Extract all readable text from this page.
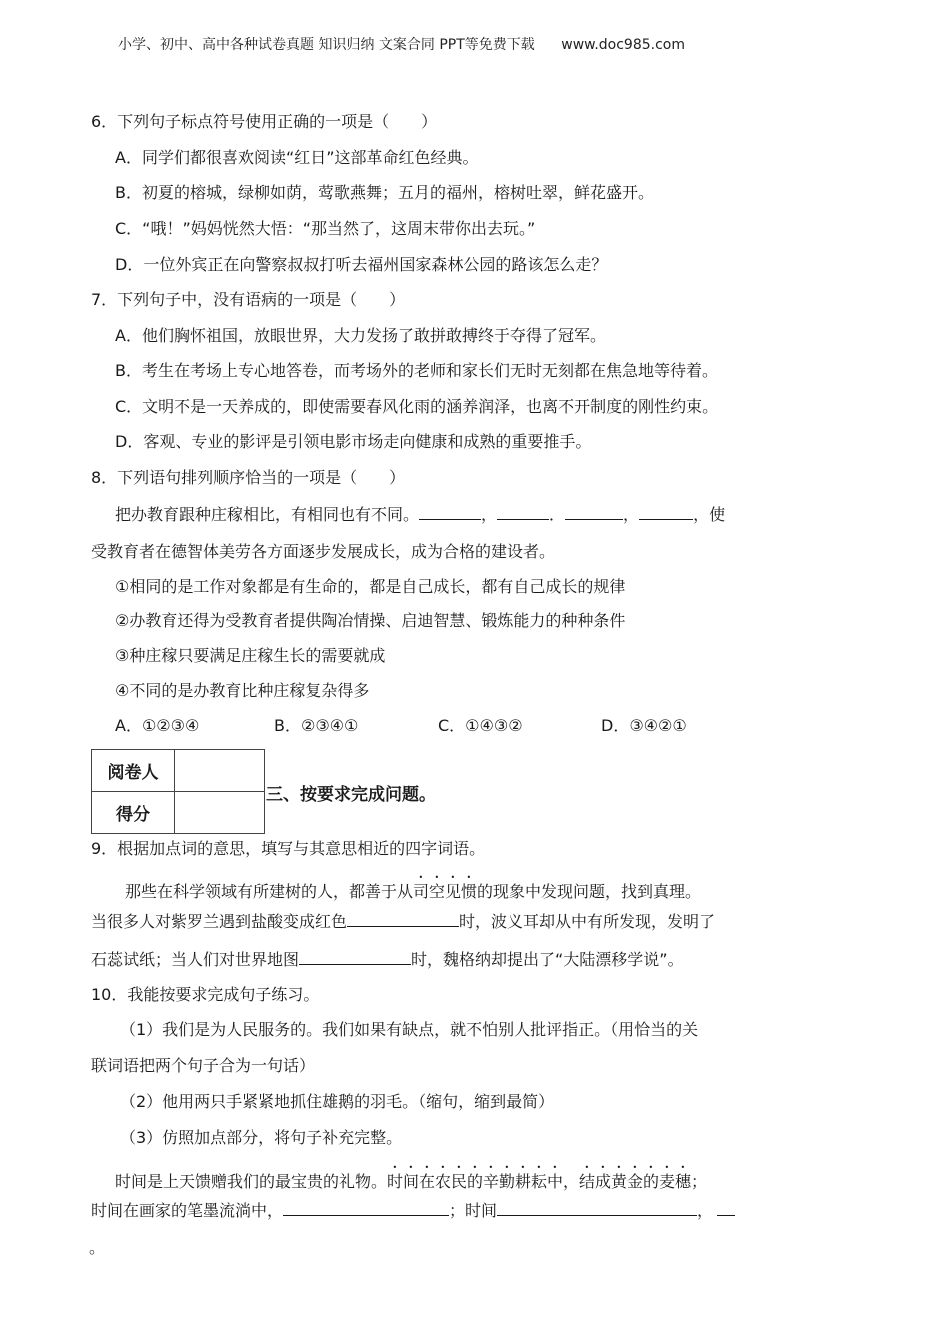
小学、初中、高中各种试卷真题 知识归纳 文案合同 PPT等免费下载 www.doc985.com
6．下列句子标点符号使用正确的一项是（　　）
A．同学们都很喜欢阅读“红日”这部革命红色经典。
B．初夏的榕城，绿柳如荫，莺歌燕舞；五月的福州，榕树吐翠，鲜花盛开。
C．“哦！”妈妈恍然大悟：“那当然了，这周末带你出去玩。”
D．一位外宾正在向警察叔叔打听去福州国家森林公园的路该怎么走？
7．下列句子中，没有语病的一项是（　　）
A．他们胸怀祖国，放眼世界，大力发扬了敢拼敢搏终于夺得了冠军。
B．考生在考场上专心地答卷，而考场外的老师和家长们无时无刻都在焦急地等待着。
C．文明不是一天养成的，即使需要春风化雨的涵养润泽，也离不开制度的刚性约束。
D．客观、专业的影评是引领电影市场走向健康和成熟的重要推手。
8．下列语句排列顺序恰当的一项是（　　）
把办教育跟种庄稼相比，有相同也有不同。	，	．	，	，使
受教育者在德智体美劳各方面逐步发展成长，成为合格的建设者。
①相同的是工作对象都是有生命的，都是自己成长，都有自己成长的规律
②办教育还得为受教育者提供陶冶情操、启迪智慧、锻炼能力的种种条件
③种庄稼只要满足庄稼生长的需要就成
④不同的是办教育比种庄稼复杂得多
A．①②③④	B．②③④①	C．①④③②	D．③④②①
阅卷人	
得分	
三、按要求完成问题。
9．根据加点词的意思，填写与其意思相近的四字词语。
那些在科学领域有所建树的人，都善于从司空见惯的现象中发现问题，找到真理。
当很多人对紫罗兰遇到盐酸变成红色	时，波义耳却从中有所发现，发明了
石蕊试纸；当人们对世界地图	时，魏格纳却提出了“大陆漂移学说”。
10．我能按要求完成句子练习。
（1）我们是为人民服务的。我们如果有缺点，就不怕别人批评指正。（用恰当的关
联词语把两个句子合为一句话）
（2）他用两只手紧紧地抓住雄鹅的羽毛。（缩句，缩到最简）
（3）仿照加点部分，将句子补充完整。
时间是上天馈赠我们的最宝贵的礼物。时间在农民的辛勤耕耘中，结成黄金的麦穗；
时间在画家的笔墨流淌中，	；时间	，
。
